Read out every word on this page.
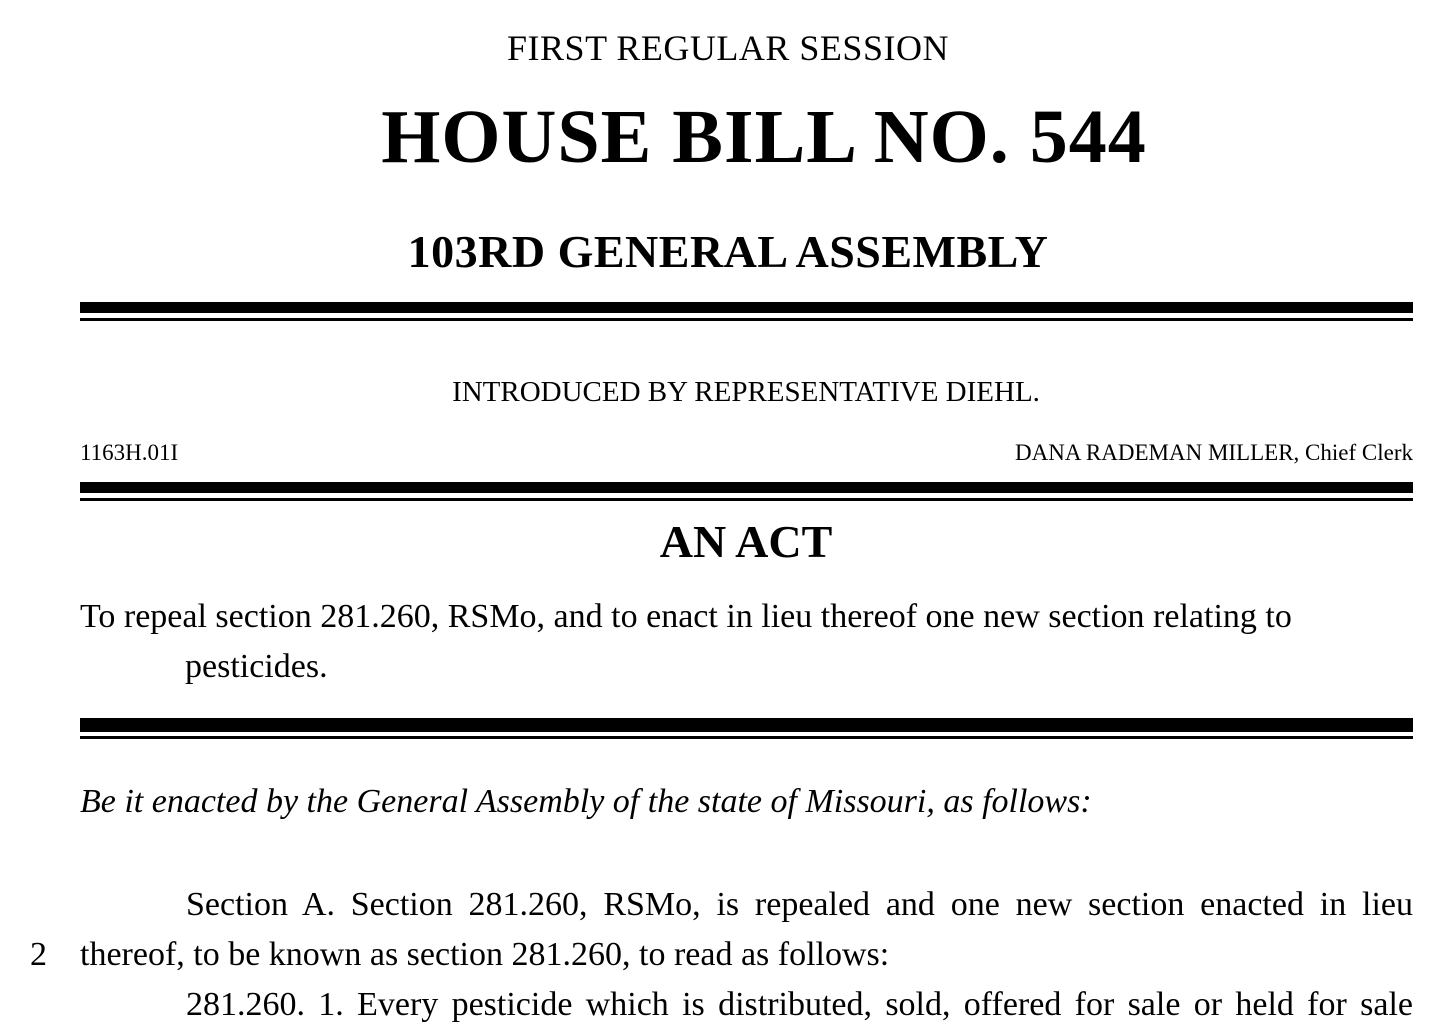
FIRST REGULAR SESSION
HOUSE BILL NO. 544
103RD GENERAL ASSEMBLY
INTRODUCED BY REPRESENTATIVE DIEHL.
1163H.01I	DANA RADEMAN MILLER, Chief Clerk
AN ACT
To repeal section 281.260, RSMo, and to enact in lieu thereof one new section relating to
pesticides.
Be it enacted by the General Assembly of the state of Missouri, as follows:
Section A. Section 281.260, RSMo, is repealed and one new section enacted in lieu
2 thereof, to be known as section 281.260, to read as follows:
281.260. 1. Every pesticide which is distributed, sold, offered for sale or held for sale
